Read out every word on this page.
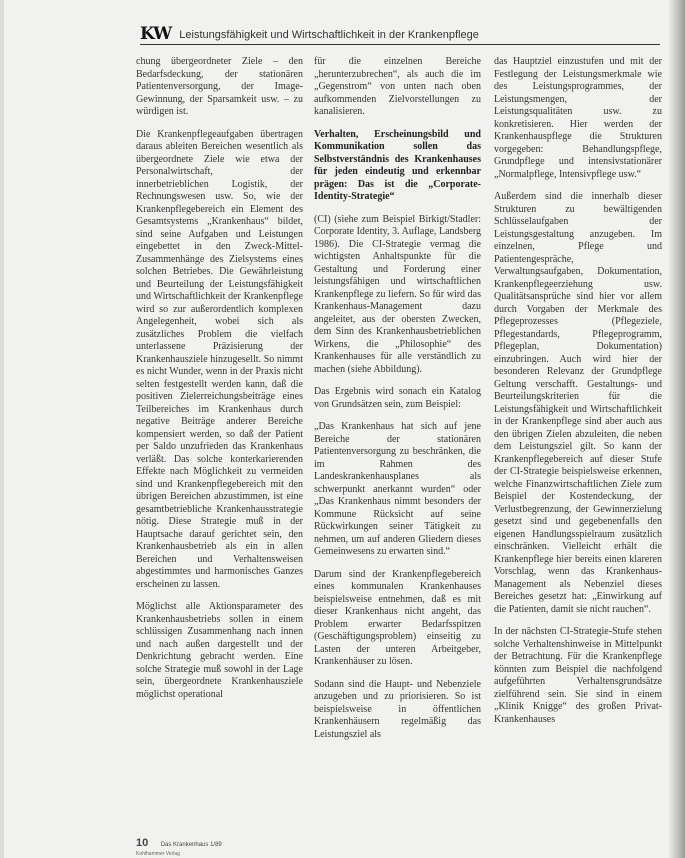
KW Leistungsfähigkeit und Wirtschaftlichkeit in der Krankenpflege

chung übergeordneter Ziele – den Bedarfsdeckung, der stationären Patientenversorgung, der Image-Gewinnung, der Sparsamkeit usw. – zu würdigen ist.

Die Krankenpflegeaufgaben übertragen daraus ableiten Bereichen wesentlich als übergeordnete Ziele wie etwa der Personalwirtschaft, der innerbetrieblichen Logistik, der Rechnungswesen usw. So, wie der Krankenpflegebereich ein Element des Gesamtsystems „Krankenhaus“ bildet, sind seine Aufgaben und Leistungen eingebettet in den Zweck-Mittel-Zusammenhänge des Zielsystems eines solchen Betriebes. Die Gewährleistung und Beurteilung der Leistungsfähigkeit und Wirtschaftlichkeit der Krankenpflege wird so zur außerordentlich komplexen Angelegenheit, wobei sich als zusätzliches Problem die vielfach unterlassene Präzisierung der Krankenhausziele hinzugesellt. So nimmt es nicht Wunder, wenn in der Praxis nicht selten festgestellt werden kann, daß die positiven Zielerreichungsbeiträge eines Teilbereiches im Krankenhaus durch negative Beiträge anderer Bereiche kompensiert werden, so daß der Patient per Saldo unzufrieden das Krankenhaus verläßt. Das solche konterkarierenden Effekte nach Möglichkeit zu vermeiden sind und Krankenpflegebereich mit den übrigen Bereichen abzustimmen, ist eine gesamtbetriebliche Krankenhausstrategie nötig. Diese Strategie muß in der Hauptsache darauf gerichtet sein, den Krankenhausbetrieb als ein in allen Bereichen und Verhaltensweisen abgestimmtes und harmonisches Ganzes erscheinen zu lassen.

Möglichst alle Aktionsparameter des Krankenhausbetriebs sollen in einem schlüssigen Zusammenhang nach innen und nach außen dargestellt und der Denkrichtung gebracht werden. Eine solche Strategie muß sowohl in der Lage sein, übergeordnete Krankenhausziele möglichst operational

für die einzelnen Bereiche „herunterzubrechen“, als auch die im „Gegenstrom“ von unten nach oben aufkommenden Zielvorstellungen zu kanalisieren.

Verhalten, Erscheinungsbild und Kommunikation sollen das Selbstverständnis des Krankenhauses für jeden eindeutig und erkennbar prägen: Das ist die „Corporate-Identity-Strategie“

(CI) (siehe zum Beispiel Birkigt/Stadler: Corporate Identity, 3. Auflage, Landsberg 1986). Die CI-Strategie vermag die wichtigsten Anhaltspunkte für die Gestaltung und Forderung einer leistungsfähigen und wirtschaftlichen Krankenpflege zu liefern. So für wird das Krankenhaus-Management dazu angeleitet, aus der obersten Zwecken, dem Sinn des Krankenhausbetrieblichen Wirkens, die „Philosophie“ des Krankenhauses für alle verständlich zu machen (siehe Abbildung).

Das Ergebnis wird sonach ein Katalog von Grundsätzen sein, zum Beispiel:

„Das Krankenhaus hat sich auf jene Bereiche der stationären Patientenversorgung zu beschränken, die im Rahmen des Landeskrankenhausplanes als schwerpunkt anerkannt wurden“ oder „Das Krankenhaus nimmt besonders der Kommune Rücksicht auf seine Rückwirkungen seiner Tätigkeit zu nehmen, um auf anderen Gliedern dieses Gemeinwesens zu erwarten sind.“

Darum sind der Krankenpflegebereich eines kommunalen Krankenhauses beispielsweise entnehmen, daß es mit dieser Krankenhaus nicht angeht, das Problem erwarter Bedarfsspitzen (Geschäftigungsproblem) einseitig zu Lasten der unteren Arbeitgeber, Krankenhäuser zu lösen.

Sodann sind die Haupt- und Nebenziele anzugeben und zu priorisieren. So ist beispielsweise in öffentlichen Krankenhäusern regelmäßig das Leistungsziel als

das Hauptziel einzustufen und mit der Festlegung der Leistungsmerkmale wie des Leistungsprogrammes, der Leistungsmengen, der Leistungsqualitäten usw. zu konkretisieren. Hier werden der Krankenhauspflege die Strukturen vorgegeben: Behandlungspflege, Grundpflege und intensivstationärer „Normalpflege, Intensivpflege usw.“

Außerdem sind die innerhalb dieser Strukturen zu bewältigenden Schlüsselaufgaben der Leistungsgestaltung anzugeben. Im einzelnen, Pflege und Patientengespräche, Verwaltungsaufgaben, Dokumentation, Krankenpflegeerziehung usw. Qualitätsansprüche sind hier vor allem durch Vorgaben der Merkmale des Pflegeprozesses (Pflegeziele, Pflegestandards, Pflegeprogramm, Pflegeplan, Dokumentation) einzubringen. Auch wird hier der besonderen Relevanz der Grundpflege Geltung verschafft. Gestaltungs- und Beurteilungskriterien für die Leistungsfähigkeit und Wirtschaftlichkeit in der Krankenpflege sind aber auch aus den übrigen Zielen abzuleiten, die neben dem Leistungsziel gilt. So kann der Krankenpflegebereich auf dieser Stufe der CI-Strategie beispielsweise erkennen, welche Finanzwirtschaftlichen Ziele zum Beispiel der Kostendeckung, der Verlustbegrenzung, der Gewinnerzielung gesetzt sind und gegebenenfalls den eigenen Handlungsspielraum zusätzlich einschränken. Vielleicht erhält die Krankenpflege hier bereits einen klareren Vorschlag, wenn das Krankenhaus-Management als Nebenziel dieses Bereiches gesetzt hat: „Einwirkung auf die Patienten, damit sie nicht rauchen“.

In der nächsten CI-Strategie-Stufe stehen solche Verhaltenshinweise in Mittelpunkt der Betrachtung. Für die Krankenpflege könnten zum Beispiel die nachfolgend aufgeführten Verhaltensgrundsätze zielführend sein. Sie sind in einem „Klinik Knigge“ des großen Privat-Krankenhauses

10 Das Krankenhaus 1/89
Kohlhammer Verlag
